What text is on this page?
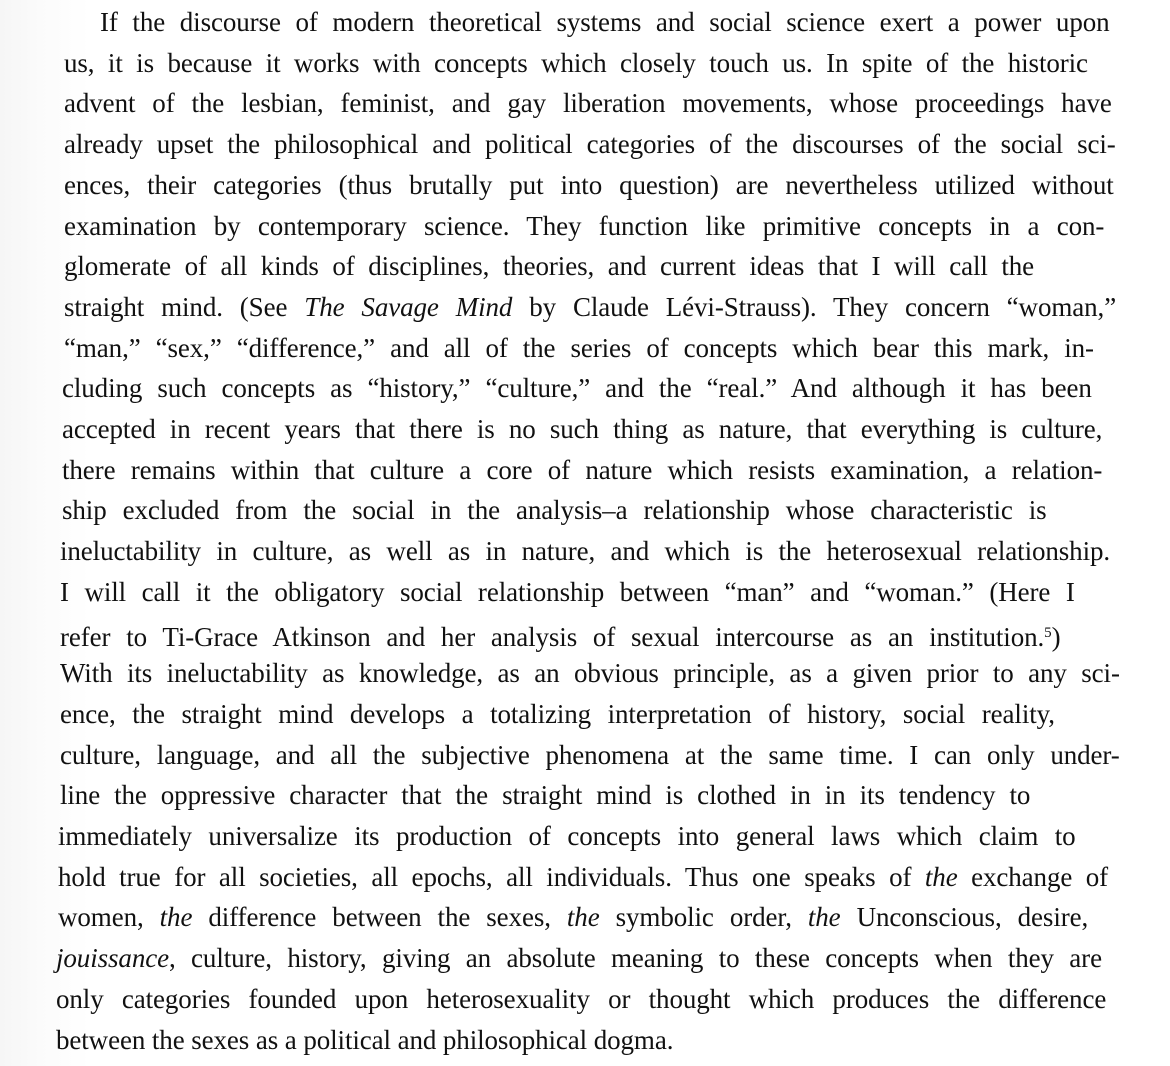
If the discourse of modern theoretical systems and social science exert a power upon
us, it is because it works with concepts which closely touch us. In spite of the historic
advent of the lesbian, feminist, and gay liberation movements, whose proceedings have
already upset the philosophical and political categories of the discourses of the social sci-
ences, their categories (thus brutally put into question) are nevertheless utilized without
examination by contemporary science. They function like primitive concepts in a con-
glomerate of all kinds of disciplines, theories, and current ideas that I will call the
straight mind. (See The Savage Mind by Claude Lévi-Strauss). They concern “woman,”
“man,” “sex,” “difference,” and all of the series of concepts which bear this mark, in-
cluding such concepts as “history,” “culture,” and the “real.” And although it has been
accepted in recent years that there is no such thing as nature, that everything is culture,
there remains within that culture a core of nature which resists examination, a relation-
ship excluded from the social in the analysis–a relationship whose characteristic is
ineluctability in culture, as well as in nature, and which is the heterosexual relationship.
I will call it the obligatory social relationship between “man” and “woman.” (Here I
refer to Ti-Grace Atkinson and her analysis of sexual intercourse as an institution.$^5$)
With its ineluctability as knowledge, as an obvious principle, as a given prior to any sci-
ence, the straight mind develops a totalizing interpretation of history, social reality,
culture, language, and all the subjective phenomena at the same time. I can only under-
line the oppressive character that the straight mind is clothed in in its tendency to
immediately universalize its production of concepts into general laws which claim to
hold true for all societies, all epochs, all individuals. Thus one speaks of the exchange of
women, the difference between the sexes, the symbolic order, the Unconscious, desire,
jouissance, culture, history, giving an absolute meaning to these concepts when they are
only categories founded upon heterosexuality or thought which produces the difference
between the sexes as a political and philosophical dogma.
